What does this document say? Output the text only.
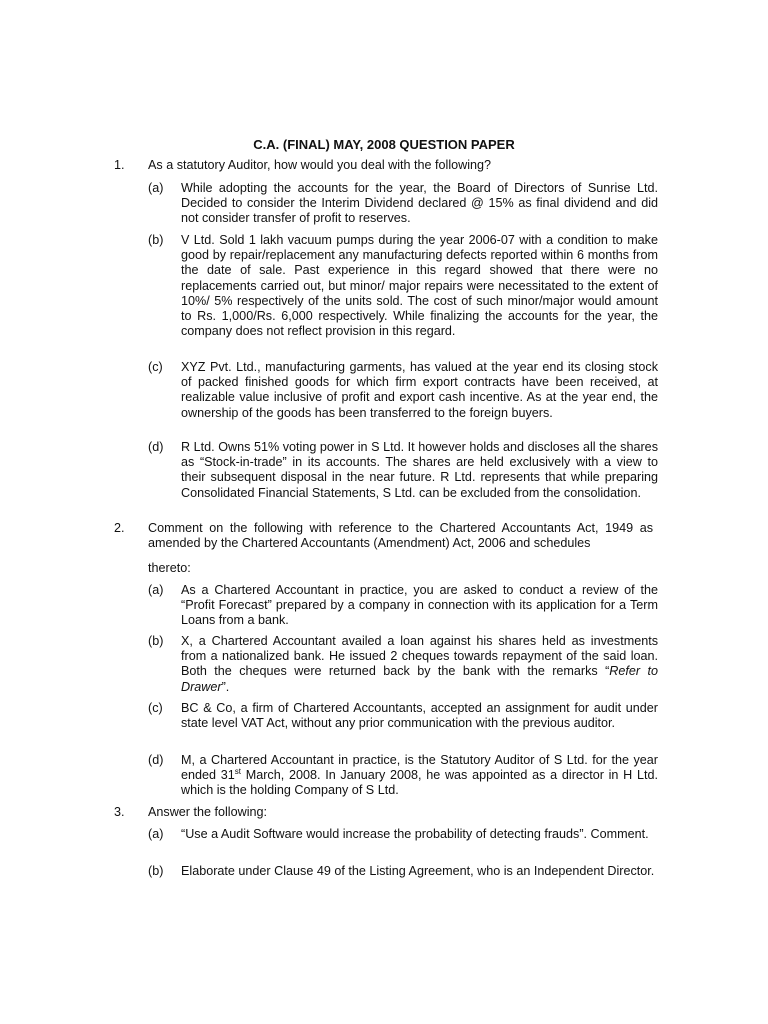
C.A. (FINAL) MAY, 2008 QUESTION PAPER
1. As a statutory Auditor, how would you deal with the following?
(a) While adopting the accounts for the year, the Board of Directors of Sunrise Ltd. Decided to consider the Interim Dividend declared @ 15% as final dividend and did not consider transfer of profit to reserves.
(b) V Ltd. Sold 1 lakh vacuum pumps during the year 2006-07 with a condition to make good by repair/replacement any manufacturing defects reported within 6 months from the date of sale. Past experience in this regard showed that there were no replacements carried out, but minor/ major repairs were necessitated to the extent of 10%/ 5% respectively of the units sold. The cost of such minor/major would amount to Rs. 1,000/Rs. 6,000 respectively. While finalizing the accounts for the year, the company does not reflect provision in this regard.
(c) XYZ Pvt. Ltd., manufacturing garments, has valued at the year end its closing stock of packed finished goods for which firm export contracts have been received, at realizable value inclusive of profit and export cash incentive. As at the year end, the ownership of the goods has been transferred to the foreign buyers.
(d) R Ltd. Owns 51% voting power in S Ltd. It however holds and discloses all the shares as “Stock-in-trade” in its accounts. The shares are held exclusively with a view to their subsequent disposal in the near future. R Ltd. represents that while preparing Consolidated Financial Statements, S Ltd. can be excluded from the consolidation.
2. Comment on the following with reference to the Chartered Accountants Act, 1949 as amended by the Chartered Accountants (Amendment) Act, 2006 and schedules
thereto:
(a) As a Chartered Accountant in practice, you are asked to conduct a review of the “Profit Forecast” prepared by a company in connection with its application for a Term Loans from a bank.
(b) X, a Chartered Accountant availed a loan against his shares held as investments from a nationalized bank. He issued 2 cheques towards repayment of the said loan. Both the cheques were returned back by the bank with the remarks “Refer to Drawer”.
(c) BC & Co, a firm of Chartered Accountants, accepted an assignment for audit under state level VAT Act, without any prior communication with the previous auditor.
(d) M, a Chartered Accountant in practice, is the Statutory Auditor of S Ltd. for the year ended 31st March, 2008. In January 2008, he was appointed as a director in H Ltd. which is the holding Company of S Ltd.
3. Answer the following:
(a) “Use a Audit Software would increase the probability of detecting frauds”. Comment.
(b) Elaborate under Clause 49 of the Listing Agreement, who is an Independent Director.
